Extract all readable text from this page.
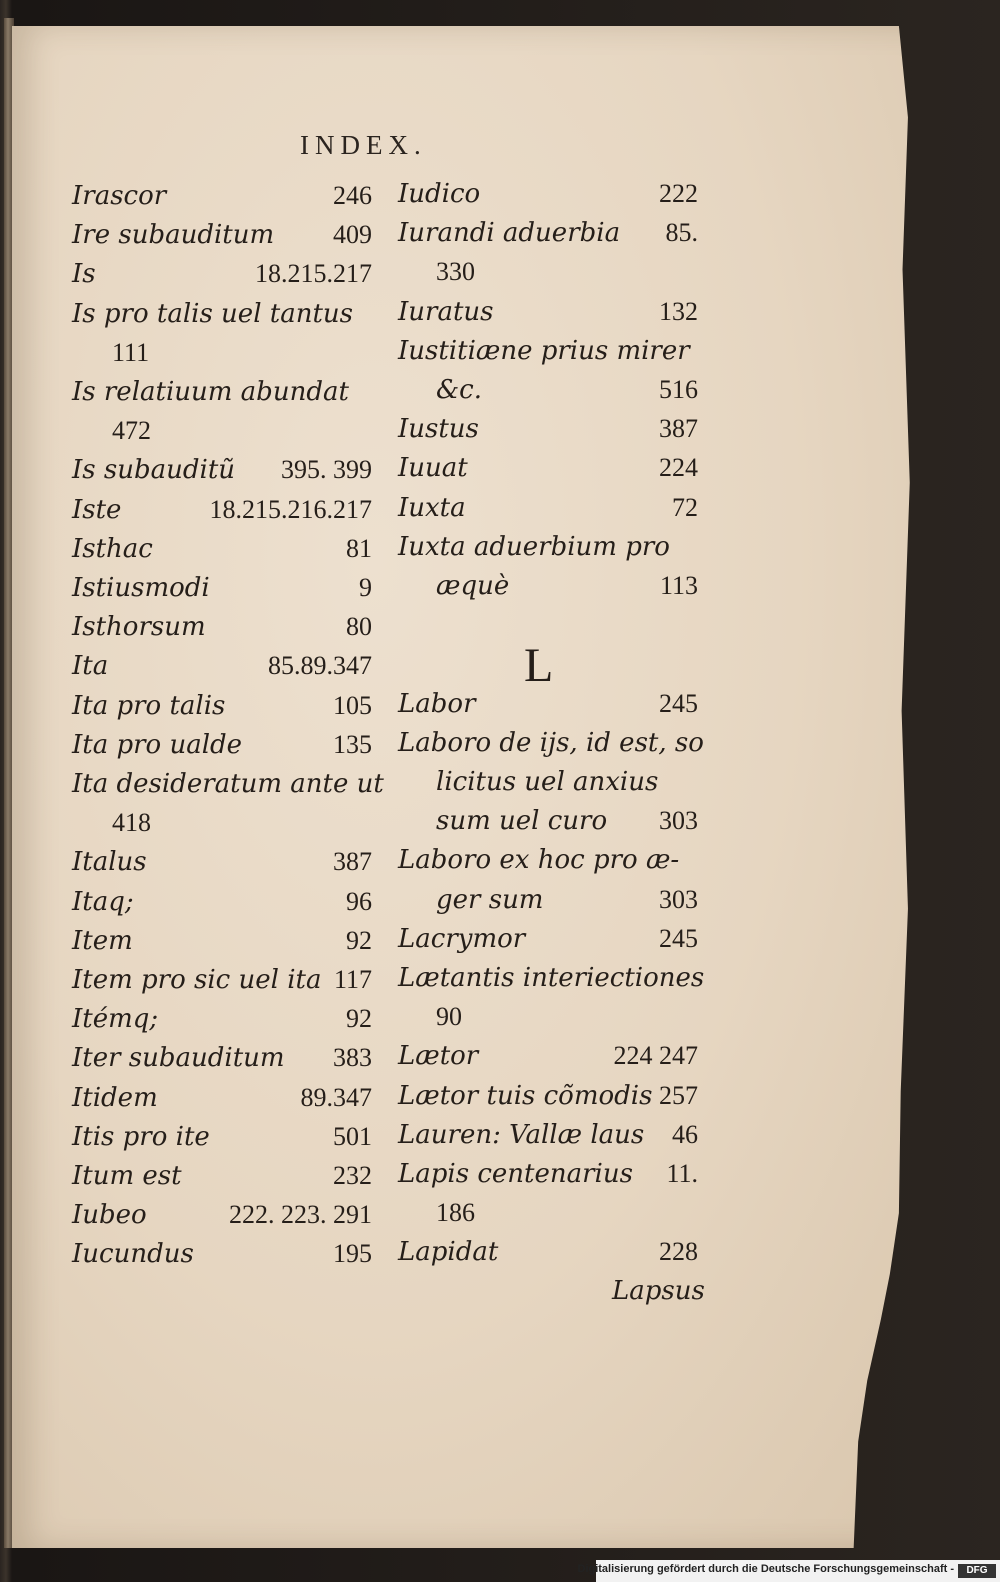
INDEX.
Irascor	246
Ire subauditum 409
Is	18.215.217
Is pro talis uel tantus
111
Is relatiuum abundat
472
Is subauditũ 395. 399
Iste	18.215.216.217
Isthac	81
Istiusmodi	9
Isthorsum	80
Ita	85.89.347
Ita pro talis	105
Ita pro ualde	135
Ita desideratum ante ut
418
Italus	387
Itaq;	96
Item	92
Item pro sic uel ita 117
Itémq;	92
Iter subauditum 383
Itidem	89.347
Itis pro ite	501
Itum est	232
Iubeo	222. 223. 291
Iucundus	195
Iudico	222
Iurandi aduerbia 85.
330
Iuratus	132
Iustitiæne prius mirer
&c.	516
Iustus	387
Iuuat	224
Iuxta	72
Iuxta aduerbium pro
æquè	113
Labor	245
Laboro de ijs, id est, so
licitus uel anxius
sum uel curo 303
Laboro ex hoc pro æ-
ger sum	303
Lacrymor	245
Lætantis interiectiones
90
Lætor	224 247
Lætor tuis cõmodis 257
Lauren: Vallæ laus 46
Lapis centenarius 11.
186
Lapidat	228
L
Lapsus
Digitalisierung gefördert durch die Deutsche Forschungsgemeinschaft -	DFG
